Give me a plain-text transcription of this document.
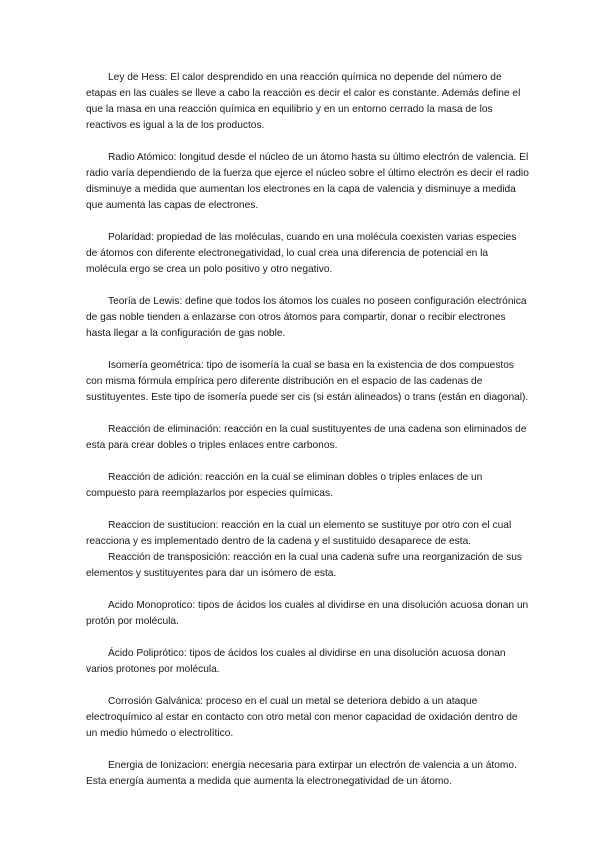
Ley de Hess: El calor desprendido en una reacción química no depende del número de etapas en las cuales se lleve a cabo la reacción es decir el calor es constante. Además define el que la masa en una reacción química en equilibrio y en un entorno cerrado la masa de los reactivos es igual a la de los productos.

Radio Atómico: longitud desde el núcleo de un átomo hasta su último electrón de valencia. El radio varía dependiendo de la fuerza que ejerce el núcleo sobre el último electrón es decir el radio disminuye a medida que aumentan los electrones en la capa de valencia y disminuye a medida que aumenta las capas de electrones.

Polaridad: propiedad de las moléculas, cuando en una molécula coexisten varias especies de átomos con diferente electronegatividad, lo cual crea una diferencia de potencial en la molécula ergo se crea un polo positivo y otro negativo.

Teoría de Lewis: define que todos los átomos los cuales no poseen configuración electrónica de gas noble tienden a enlazarse con otros átomos para compartir, donar o recibir electrones hasta llegar a la configuración de gas noble.

Isomería geométrica: tipo de isomería la cual se basa en la existencia de dos compuestos con misma fórmula empírica pero diferente distribución en el espacio de las cadenas de sustituyentes. Este tipo de isomería puede ser cis (si están alineados) o trans (están en diagonal).

Reacción de eliminación: reacción en la cual sustituyentes de una cadena son eliminados de esta para crear dobles o triples enlaces entre carbonos.

Reacción de adición: reacción en la cual se eliminan dobles o triples enlaces de un compuesto para reemplazarlos por especies químicas.

Reaccion de sustitucion: reacción en la cual un elemento se sustituye por otro con el cual reacciona y es implementado dentro de la cadena y el sustituido desaparece de esta.

Reacción de transposición: reacción en la cual una cadena sufre una reorganización de sus elementos y sustituyentes para dar un isómero de esta.

Acido Monoprotico: tipos de ácidos los cuales al dividirse en una disolución acuosa donan un protón por molécula.

Ácido Poliprótico: tipos de ácidos los cuales al dividirse en una disolución acuosa donan varios protones por molécula.

Corrosión Galvánica: proceso en el cual un metal se deteriora debido a un ataque electroquímico al estar en contacto con otro metal con menor capacidad de oxidación dentro de un medio húmedo o electrolítico.

Energia de Ionizacion: energia necesaria para extirpar un electrón de valencia a un átomo. Esta energía aumenta a medida que aumenta la electronegatividad de un átomo.
